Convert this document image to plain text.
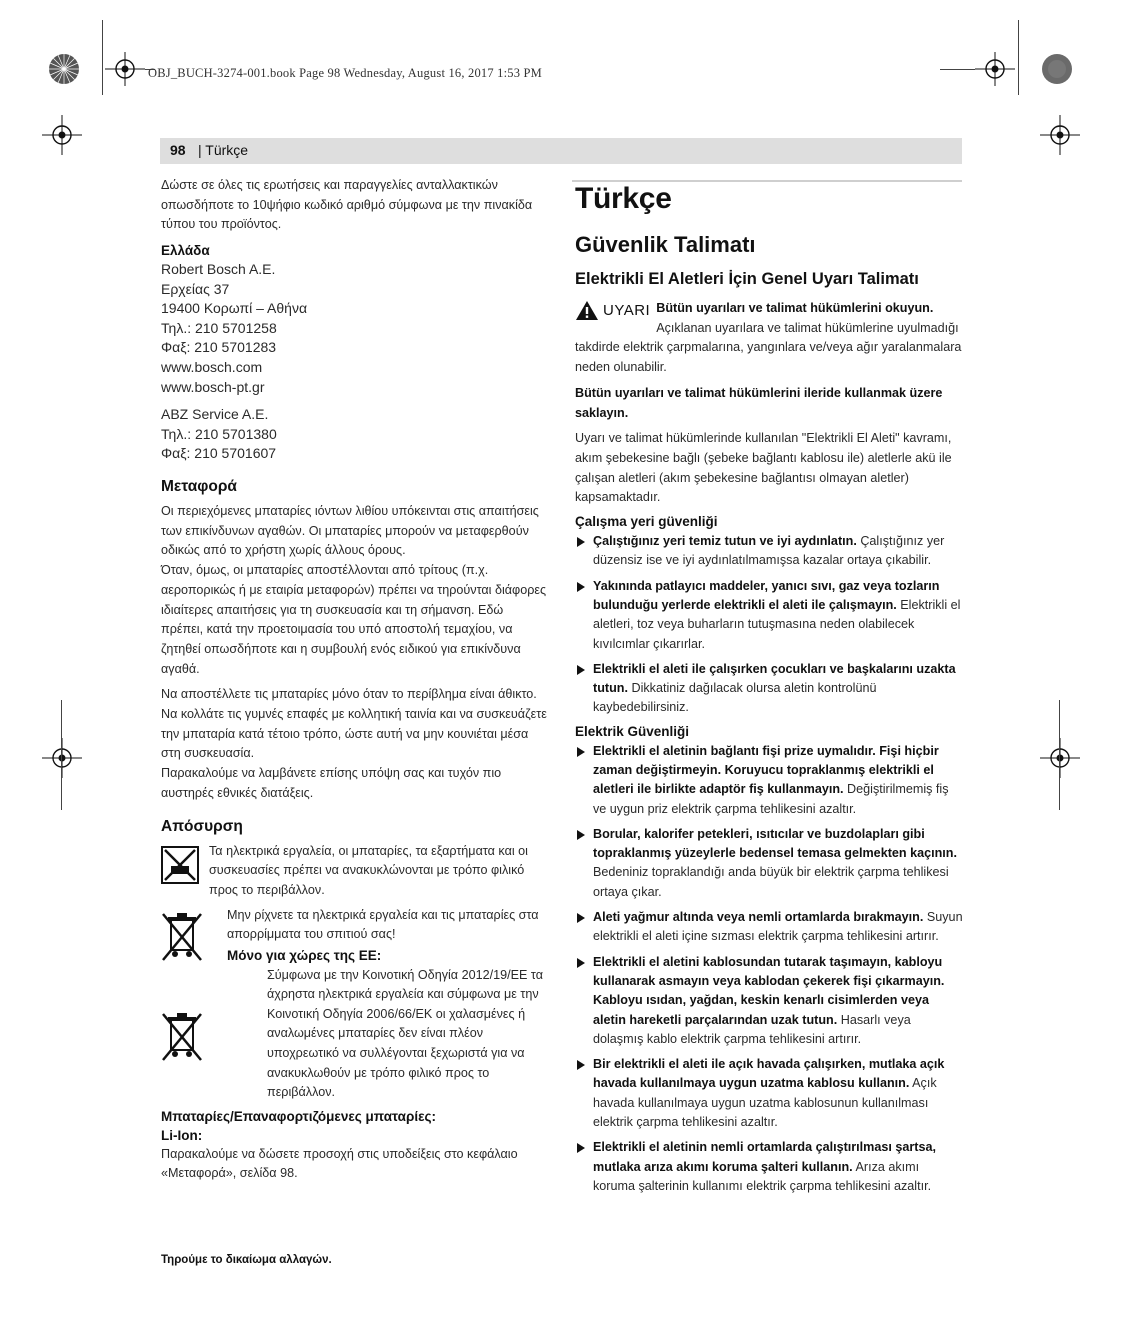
OBJ_BUCH-3274-001.book Page 98 Wednesday, August 16, 2017 1:53 PM
98 | Türkçe

Δώστε σε όλες τις ερωτήσεις και παραγγελίες ανταλλακτικών οπωσδήποτε το 10ψήφιο κωδικό αριθμό σύμφωνα με την πινακίδα τύπου του προϊόντος.

Ελλάδα
Robert Bosch A.E.
Ερχείας 37
19400 Κορωπί – Αθήνα
Τηλ.: 210 5701258
Φαξ: 210 5701283
www.bosch.com
www.bosch-pt.gr
ABZ Service A.E.
Τηλ.: 210 5701380
Φαξ: 210 5701607
Μεταφορά

Οι περιεχόμενες μπαταρίες ιόντων λιθίου υπόκεινται στις απαιτήσεις των επικίνδυνων αγαθών. Οι μπαταρίες μπορούν να μεταφερθούν οδικώς από το χρήστη χωρίς άλλους όρους.

Όταν, όμως, οι μπαταρίες αποστέλλονται από τρίτους (π.χ. αεροπορικώς ή με εταιρία μεταφορών) πρέπει να τηρούνται διάφορες ιδιαίτερες απαιτήσεις για τη συσκευασία και τη σήμανση. Εδώ πρέπει, κατά την προετοιμασία του υπό αποστολή τεμαχίου, να ζητηθεί οπωσδήποτε και η συμβουλή ενός ειδικού για επικίνδυνα αγαθά.

Να αποστέλλετε τις μπαταρίες μόνο όταν το περίβλημα είναι άθικτο. Να κολλάτε τις γυμνές επαφές με κολλητική ταινία και να συσκευάζετε την μπαταρία κατά τέτοιο τρόπο, ώστε αυτή να μην κουνιέται μέσα στη συσκευασία.

Παρακαλούμε να λαμβάνετε επίσης υπόψη σας και τυχόν πιο αυστηρές εθνικές διατάξεις.

Απόσυρση

Τα ηλεκτρικά εργαλεία, οι μπαταρίες, τα εξαρτήματα και οι συσκευασίες πρέπει να ανακυκλώνονται με τρόπο φιλικό προς το περιβάλλον.

Μην ρίχνετε τα ηλεκτρικά εργαλεία και τις μπαταρίες στα απορρίμματα του σπιτιού σας!

Μόνο για χώρες της ΕΕ:

Σύμφωνα με την Κοινοτική Οδηγία 2012/19/ΕΕ τα άχρηστα ηλεκτρικά εργαλεία και σύμφωνα με την Κοινοτική Οδηγία 2006/66/ΕΚ οι χαλασμένες ή αναλωμένες μπαταρίες δεν είναι πλέον υποχρεωτικό να συλλέγονται ξεχωριστά για να ανακυκλωθούν με τρόπο φιλικό προς το περιβάλλον.

Μπαταρίες/Επαναφορτιζόμενες μπαταρίες:
Li-Ion:

Παρακαλούμε να δώσετε προσοχή στις υποδείξεις στο κεφάλαιο «Μεταφορά», σελίδα 98.

Τηρούμε το δικαίωμα αλλαγών.
Türkçe
Güvenlik Talimatı
Elektrikli El Aletleri İçin Genel Uyarı Talimatı
UYARI Bütün uyarıları ve talimat hükümlerini okuyun. Açıklanan uyarılara ve talimat hükümlerine uyulmadığı takdirde elektrik çarpmalarına, yangınlara ve/veya ağır yaralanmalara neden olunabilir.

Bütün uyarıları ve talimat hükümlerini ileride kullanmak üzere saklayın.

Uyarı ve talimat hükümlerinde kullanılan "Elektrikli El Aleti" kavramı, akım şebekesine bağlı (şebeke bağlantı kablosu ile) aletlerle akü ile çalışan aletleri (akım şebekesine bağlantısı olmayan aletler) kapsamaktadır.

Çalışma yeri güvenliği
Çalıştığınız yeri temiz tutun ve iyi aydınlatın. Çalıştığınız yer düzensiz ise ve iyi aydınlatılmamışsa kazalar ortaya çıkabilir.
Yakınında patlayıcı maddeler, yanıcı sıvı, gaz veya tozların bulunduğu yerlerde elektrikli el aleti ile çalışmayın. Elektrikli el aletleri, toz veya buharların tutuşmasına neden olabilecek kıvılcımlar çıkarırlar.
Elektrikli el aleti ile çalışırken çocukları ve başkalarını uzakta tutun. Dikkatiniz dağılacak olursa aletin kontrolünü kaybedebilirsiniz.
Elektrik Güvenliği
Elektrikli el aletinin bağlantı fişi prize uymalıdır. Fişi hiçbir zaman değiştirmeyin. Koruyucu topraklanmış elektrikli el aletleri ile birlikte adaptör fiş kullanmayın. Değiştirilmemiş fiş ve uygun priz elektrik çarpma tehlikesini azaltır.
Borular, kalorifer petekleri, ısıtıcılar ve buzdolapları gibi topraklanmış yüzeylerle bedensel temasa gelmekten kaçının. Bedeniniz topraklandığı anda büyük bir elektrik çarpma tehlikesi ortaya çıkar.
Aleti yağmur altında veya nemli ortamlarda bırakmayın. Suyun elektrikli el aleti içine sızması elektrik çarpma tehlikesini artırır.
Elektrikli el aletini kablosundan tutarak taşımayın, kabloyu kullanarak asmayın veya kablodan çekerek fişi çıkarmayın. Kabloyu ısıdan, yağdan, keskin kenarlı cisimlerden veya aletin hareketli parçalarından uzak tutun. Hasarlı veya dolaşmış kablo elektrik çarpma tehlikesini artırır.
Bir elektrikli el aleti ile açık havada çalışırken, mutlaka açık havada kullanılmaya uygun uzatma kablosu kullanın. Açık havada kullanılmaya uygun uzatma kablosunun kullanılması elektrik çarpma tehlikesini azaltır.
Elektrikli el aletinin nemli ortamlarda çalıştırılması şartsa, mutlaka arıza akımı koruma şalteri kullanın. Arıza akımı koruma şalterinin kullanımı elektrik çarpma tehlikesini azaltır.
